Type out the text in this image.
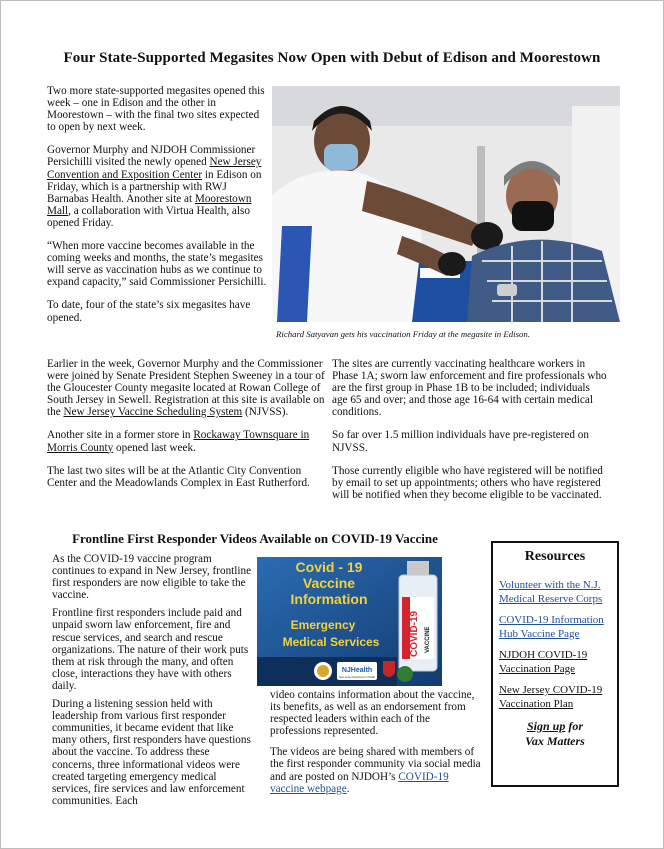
Four State-Supported Megasites Now Open with Debut of Edison and Moorestown

Two more state-supported megasites opened this week – one in Edison and the other in Moorestown – with the final two sites expected to open by next week.

Governor Murphy and NJDOH Commissioner Persichilli visited the newly opened New Jersey Convention and Exposition Center in Edison on Friday, which is a partnership with RWJ Barnabas Health. Another site at Moorestown Mall, a collaboration with Virtua Health, also opened Friday.

“When more vaccine becomes available in the coming weeks and months, the state’s megasites will serve as vaccination hubs as we continue to expand capacity,” said Commissioner Persichilli.

To date, four of the state’s six megasites have opened.

Richard Satyavan gets his vaccination Friday at the megasite in Edison.

Earlier in the week, Governor Murphy and the Commissioner were joined by Senate President Stephen Sweeney in a tour of the Gloucester County megasite located at Rowan College of South Jersey in Sewell. Registration at this site is available on the New Jersey Vaccine Scheduling System (NJVSS).

Another site in a former store in Rockaway Townsquare in Morris County opened last week.

The last two sites will be at the Atlantic City Convention Center and the Meadowlands Complex in East Rutherford.

The sites are currently vaccinating healthcare workers in Phase 1A; sworn law enforcement and fire professionals who are the first group in Phase 1B to be included; individuals age 65 and over; and those age 16-64 with certain medical conditions.

So far over 1.5 million individuals have pre-registered on NJVSS.

Those currently eligible who have registered will be notified by email to set up appointments; others who have registered will be notified when they become eligible to be vaccinated.

Frontline First Responder Videos Available on COVID-19 Vaccine

As the COVID-19 vaccine program continues to expand in New Jersey, frontline first responders are now eligible to take the vaccine.

Frontline first responders include paid and unpaid sworn law enforcement, fire and rescue services, and search and rescue organizations. The nature of their work puts them at risk through the many, and often close, interactions they have with others daily.

During a listening session held with leadership from various first responder communities, it became evident that like many others, first responders have questions about the vaccine. To address these concerns, three informational videos were created targeting emergency medical services, fire services and law enforcement communities. Each

COVID-19 VACCINE
Covid - 19
Vaccine
Information
Emergency
Medical Services
NJHealth
New Jersey Department of Health

video contains information about the vaccine, its benefits, as well as an endorsement from respected leaders within each of the professions represented.

The videos are being shared with members of the first responder community via social media and are posted on NJDOH’s COVID-19 vaccine webpage.

Resources
Volunteer with the N.J. Medical Reserve Corps
COVID-19 Information Hub Vaccine Page
NJDOH COVID-19 Vaccination Page
New Jersey COVID-19 Vaccination Plan
Sign up for
Vax Matters
